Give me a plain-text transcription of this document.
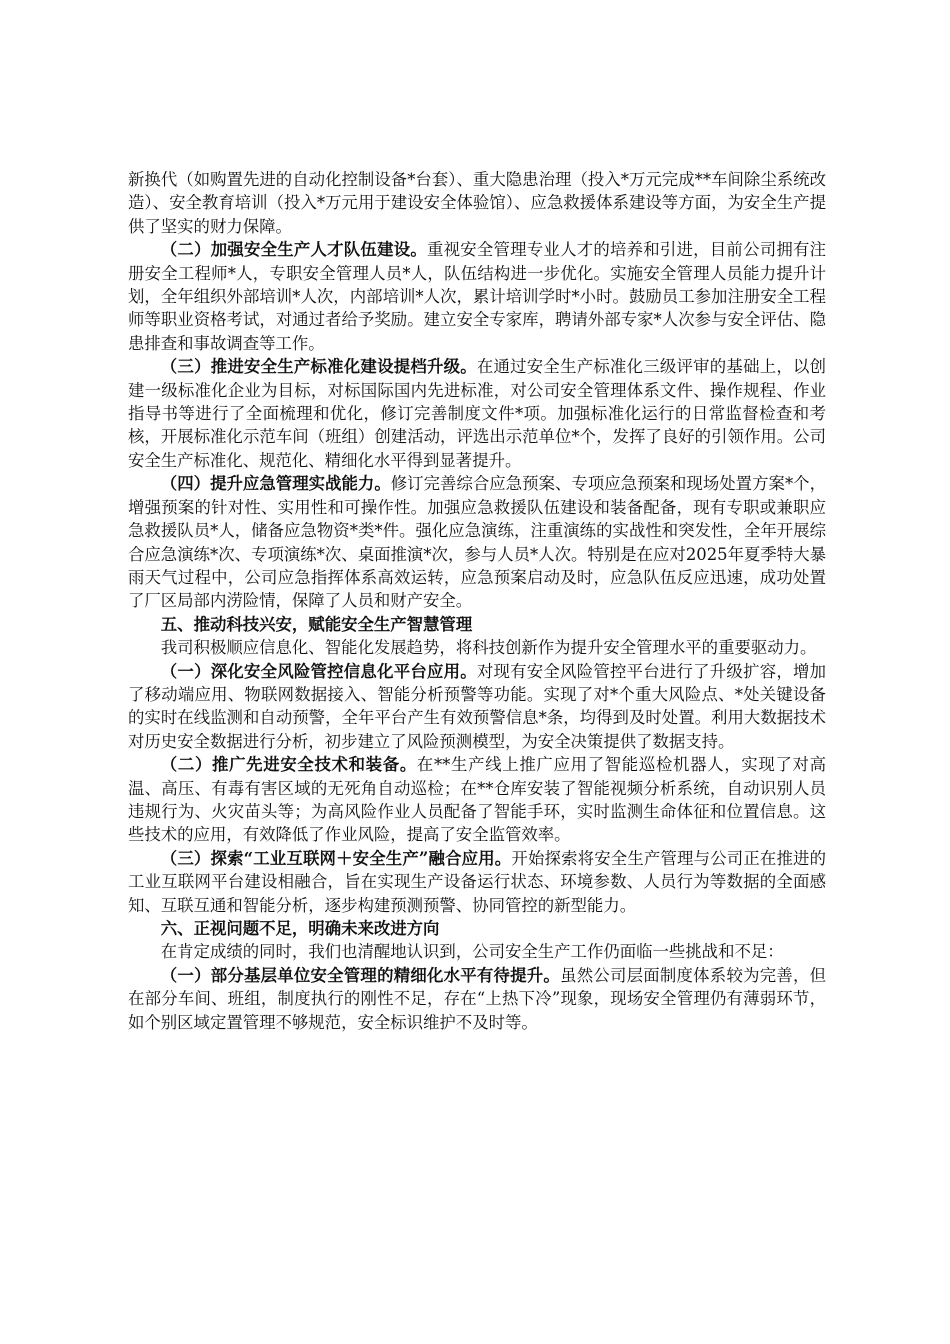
新换代（如购置先进的自动化控制设备*台套）、重大隐患治理（投入*万元完成**车间除尘系统改造）、安全教育培训（投入*万元用于建设安全体验馆）、应急救援体系建设等方面，为安全生产提供了坚实的财力保障。

（二）加强安全生产人才队伍建设。重视安全管理专业人才的培养和引进，目前公司拥有注册安全工程师*人，专职安全管理人员*人，队伍结构进一步优化。实施安全管理人员能力提升计划，全年组织外部培训*人次，内部培训*人次，累计培训学时*小时。鼓励员工参加注册安全工程师等职业资格考试，对通过者给予奖励。建立安全专家库，聘请外部专家*人次参与安全评估、隐患排查和事故调查等工作。

（三）推进安全生产标准化建设提档升级。在通过安全生产标准化三级评审的基础上，以创建一级标准化企业为目标，对标国际国内先进标准，对公司安全管理体系文件、操作规程、作业指导书等进行了全面梳理和优化，修订完善制度文件*项。加强标准化运行的日常监督检查和考核，开展标准化示范车间（班组）创建活动，评选出示范单位*个，发挥了良好的引领作用。公司安全生产标准化、规范化、精细化水平得到显著提升。

（四）提升应急管理实战能力。修订完善综合应急预案、专项应急预案和现场处置方案*个，增强预案的针对性、实用性和可操作性。加强应急救援队伍建设和装备配备，现有专职或兼职应急救援队员*人，储备应急物资*类*件。强化应急演练，注重演练的实战性和突发性，全年开展综合应急演练*次、专项演练*次、桌面推演*次，参与人员*人次。特别是在应对2025年夏季特大暴雨天气过程中，公司应急指挥体系高效运转，应急预案启动及时，应急队伍反应迅速，成功处置了厂区局部内涝险情，保障了人员和财产安全。

五、推动科技兴安，赋能安全生产智慧管理

我司积极顺应信息化、智能化发展趋势，将科技创新作为提升安全管理水平的重要驱动力。

（一）深化安全风险管控信息化平台应用。对现有安全风险管控平台进行了升级扩容，增加了移动端应用、物联网数据接入、智能分析预警等功能。实现了对*个重大风险点、*处关键设备的实时在线监测和自动预警，全年平台产生有效预警信息*条，均得到及时处置。利用大数据技术对历史安全数据进行分析，初步建立了风险预测模型，为安全决策提供了数据支持。

（二）推广先进安全技术和装备。在**生产线上推广应用了智能巡检机器人，实现了对高温、高压、有毒有害区域的无死角自动巡检；在**仓库安装了智能视频分析系统，自动识别人员违规行为、火灾苗头等；为高风险作业人员配备了智能手环，实时监测生命体征和位置信息。这些技术的应用，有效降低了作业风险，提高了安全监管效率。

（三）探索“工业互联网＋安全生产”融合应用。开始探索将安全生产管理与公司正在推进的工业互联网平台建设相融合，旨在实现生产设备运行状态、环境参数、人员行为等数据的全面感知、互联互通和智能分析，逐步构建预测预警、协同管控的新型能力。

六、正视问题不足，明确未来改进方向

在肯定成绩的同时，我们也清醒地认识到，公司安全生产工作仍面临一些挑战和不足：

（一）部分基层单位安全管理的精细化水平有待提升。虽然公司层面制度体系较为完善，但在部分车间、班组，制度执行的刚性不足，存在“上热下冷”现象，现场安全管理仍有薄弱环节，如个别区域定置管理不够规范，安全标识维护不及时等。
